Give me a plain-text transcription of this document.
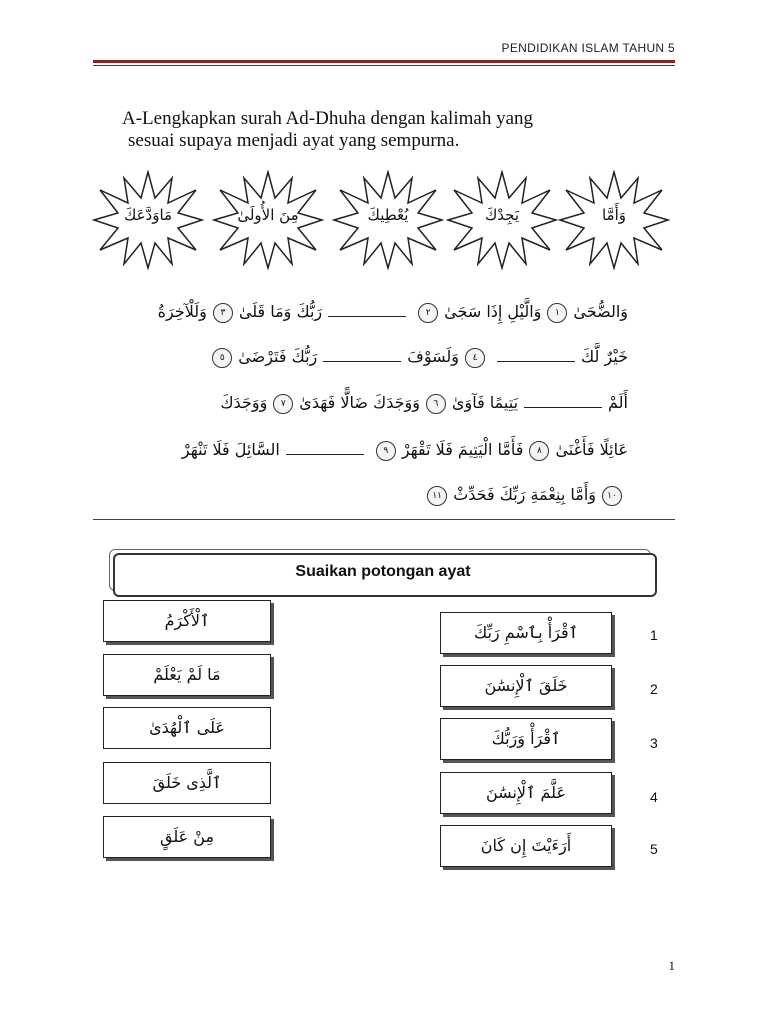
PENDIDIKAN ISLAM TAHUN 5
A-Lengkapkan surah Ad-Dhuha dengan kalimah yang
sesuai supaya menjadi ayat yang sempurna.
مَاوَدَّعَكَ	مِنَ الأُولَىٰ	يُعْطِيكَ	يَجِدْكَ	وَأَمَّا
وَالضُّحَىٰ١وَالَّيْلِ إِذَا سَجَىٰ٢رَبُّكَ وَمَا قَلَىٰ٣وَلَلْآخِرَةُ
خَيْرٌ لَّكَ٤وَلَسَوْفَرَبُّكَ فَتَرْضَىٰ٥
أَلَمْيَتِيمًا فَآوَىٰ٦وَوَجَدَكَ ضَالًّا فَهَدَىٰ٧وَوَجَدَكَ
عَائِلًا فَأَغْنَىٰ٨فَأَمَّا الْيَتِيمَ فَلَا تَقْهَرْ٩السَّائِلَ فَلَا تَنْهَرْ
١٠وَأَمَّا بِنِعْمَةِ رَبِّكَ فَحَدِّثْ١١
Suaikan potongan ayat
ٱلْأَكْرَمُ
مَا لَمْ يَعْلَمْ
عَلَى ٱلْهُدَىٰ
ٱلَّذِى خَلَقَ
مِنْ عَلَقٍ
ٱقْرَأْ بِٱسْمِ رَبِّكَ
خَلَقَ ٱلْإِنسَٰنَ
ٱقْرَأْ وَرَبُّكَ
عَلَّمَ ٱلْإِنسَٰنَ
أَرَءَيْتَ إِن كَانَ
1
2
3
4
5
1
